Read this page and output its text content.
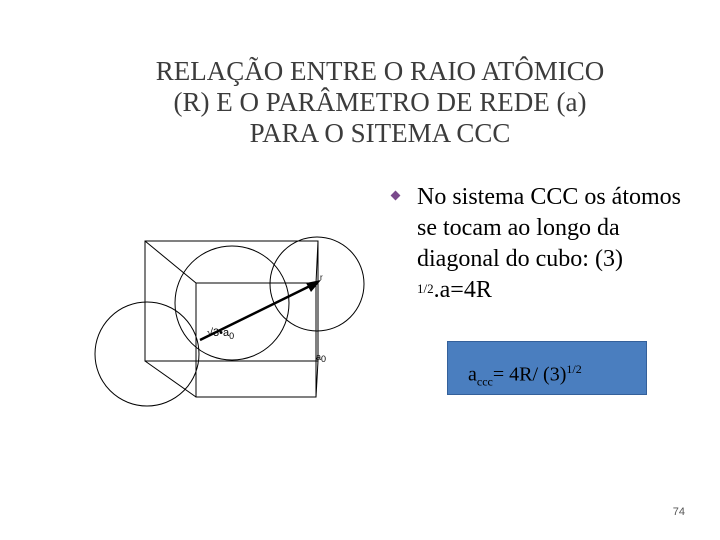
RELAÇÃO ENTRE O RAIO ATÔMICO
(R) E O PARÂMETRO DE REDE (a)
PARA O SITEMA CCC
r
$√3•a_0$
a0
No sistema CCC os átomos se tocam ao longo da diagonal do cubo: (3) $^{1/2}$.a=4R
$a_{ccc}= 4R/$ $(3)^{1/2}$
74
